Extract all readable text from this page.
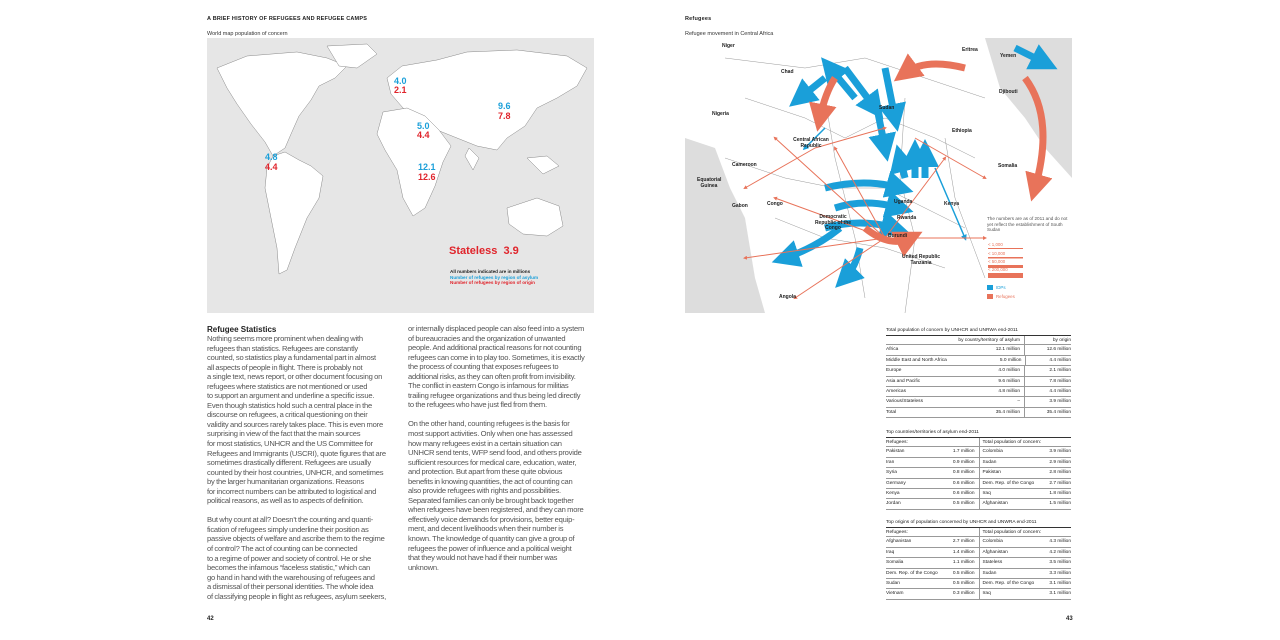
A BRIEF HISTORY OF REFUGEES AND REFUGEE CAMPS
World map population of concern
4.0
2.1
9.6
7.8
5.0
4.4
4.8
4.4	12.1
12.6
Stateless 3.9
All numbers indicated are in millions
Number of refugees by region of asylum
Number of refugees by region of origin
Refugee Statistics
Nothing seems more prominent when dealing with
refugees than statistics. Refugees are constantly
counted, so statistics play a fundamental part in almost
all aspects of people in flight. There is probably not
a single text, news report, or other document focusing on
refugees where statistics are not mentioned or used
to support an argument and underline a specific issue.
Even though statistics hold such a central place in the
discourse on refugees, a critical questioning on their
validity and sources rarely takes place. This is even more
surprising in view of the fact that the main sources
for most statistics, UNHCR and the US Committee for
Refugees and Immigrants (USCRI), quote figures that are
sometimes drastically different. Refugees are usually
counted by their host countries, UNHCR, and sometimes
by the larger humanitarian organizations. Reasons
for incorrect numbers can be attributed to logistical and
political reasons, as well as to aspects of definition.
But why count at all? Doesn’t the counting and quanti-
fication of refugees simply underline their position as
passive objects of welfare and ascribe them to the regime
of control? The act of counting can be connected
to a regime of power and society of control. He or she
becomes the infamous “faceless statistic,” which can
go hand in hand with the warehousing of refugees and
a dismissal of their personal identities. The whole idea
of classifying people in flight as refugees, asylum seekers,
or internally displaced people can also feed into a system
of bureaucracies and the organization of unwanted
people. And additional practical reasons for not counting
refugees can come in to play too. Sometimes, it is exactly
the process of counting that exposes refugees to
additional risks, as they can often profit from invisibility.
The conflict in eastern Congo is infamous for militias
trailing refugee organizations and thus being led directly
to the refugees who have just fled from them.
On the other hand, counting refugees is the basis for
most support activities. Only when one has assessed
how many refugees exist in a certain situation can
UNHCR send tents, WFP send food, and others provide
sufficient resources for medical care, education, water,
and protection. But apart from these quite obvious
benefits in knowing quantities, the act of counting can
also provide refugees with rights and possibilities.
Separated families can only be brought back together
when refugees have been registered, and they can more
effectively voice demands for provisions, better equip-
ment, and decent livelihoods when their number is
known. The knowledge of quantity can give a group of
refugees the power of influence and a political weight
that they would not have had if their number was
unknown.
42
Refugees
Refugee movement in Central Africa
Niger
Chad
Sudan
Eritrea
Yemen
Djibouti
Nigeria
Central African Republic
Ethiopia
Cameroon
Equatorial Guinea
Gabon	Congo
Democratic Republic of the Congo
Uganda
Rwanda
Burundi
Kenya
Somalia
United Republic Tanzania
Angola
The numbers are as of 2011 and do not yet reflect the establishment of South Sudan
< 1,000
< 10,000
< 50,000
< 200,000
IDPs
Refugees
Total population of concern by UNHCR and UNRWA end-2011
by country/territory of asylum	by origin
Africa	12.1 million	12.6 million
Middle East and North Africa	5.0 million	4.4 million
Europe	4.0 million	2.1 million
Asia and Pacific	9.6 million	7.8 million
Americas	4.8 million	4.4 million
Various/Stateless	–	3.9 million
Total	35.4 million	35.4 million
Top countries/territories of asylum end-2011
Refugees:	Total population of concern:
Pakistan	1.7 million Colombia	3.9 million
Iran	0.9 million Sudan	2.9 million
Syria	0.8 million Pakistan	2.8 million
Germany	0.6 million Dem. Rep. of the Congo	2.7 million
Kenya	0.6 million Iraq	1.8 million
Jordan	0.5 million Afghanistan	1.5 million
Top origins of population concerned by UNHCR and UNWRA end-2011
Refugees:	Total population of concern:
Afghanistan	2.7 million Colombia	4.3 million
Iraq	1.4 million Afghanistan	4.2 million
Somalia	1.1 million Stateless	3.5 million
Dem. Rep. of the Congo	0.5 million Sudan	3.3 million
Sudan	0.5 million Dem. Rep. of the Congo	3.1 million
Vietnam	0.3 million Iraq	3.1 million
43
